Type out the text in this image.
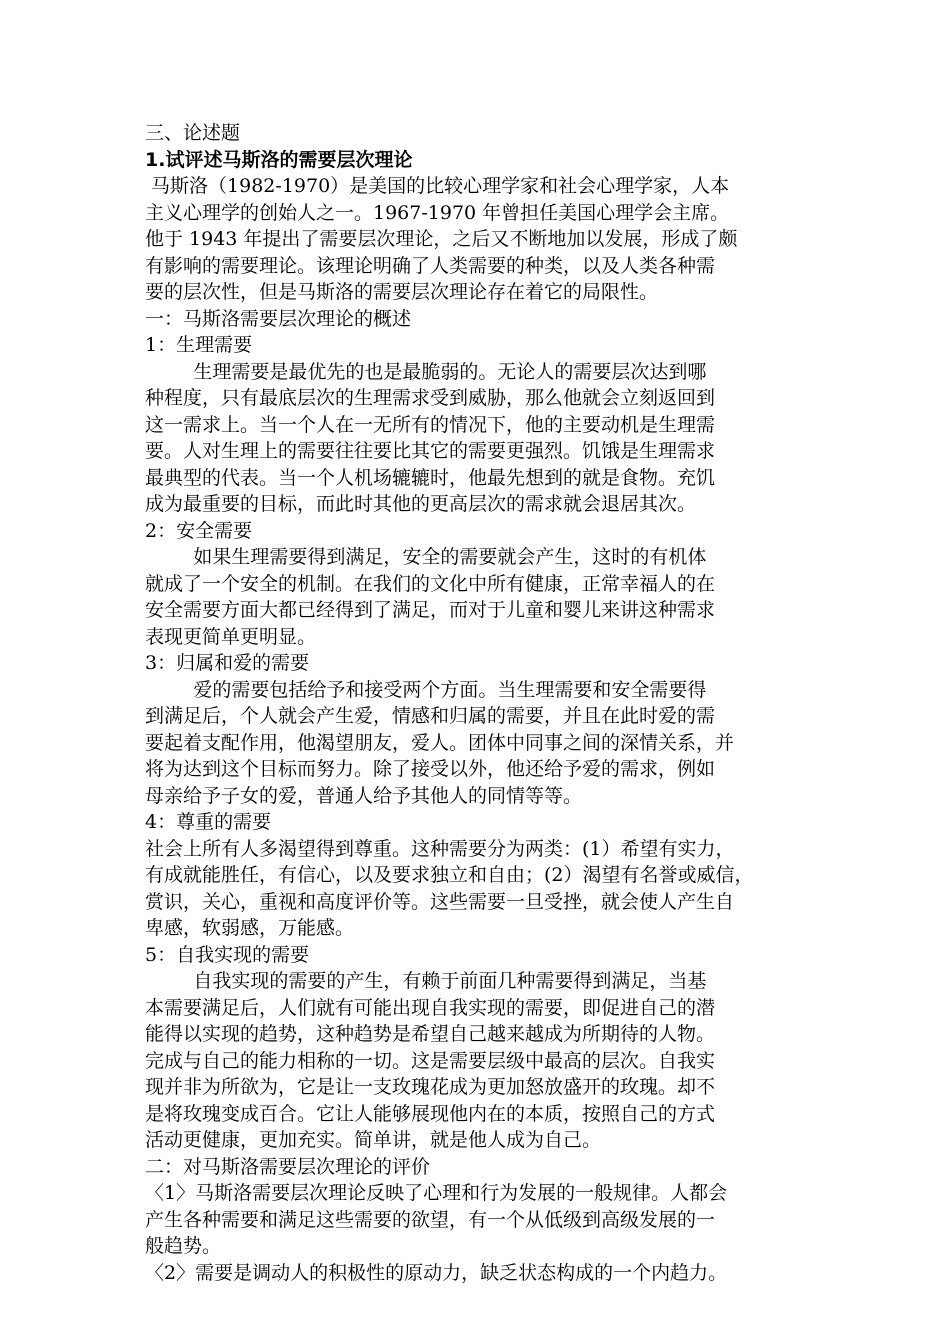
三、论述题
1.试评述马斯洛的需要层次理论
马斯洛（1982-1970）是美国的比较心理学家和社会心理学家，人本
主义心理学的创始人之一。1967-1970 年曾担任美国心理学会主席。
他于 1943 年提出了需要层次理论，之后又不断地加以发展，形成了颇
有影响的需要理论。该理论明确了人类需要的种类，以及人类各种需
要的层次性，但是马斯洛的需要层次理论存在着它的局限性。
一：马斯洛需要层次理论的概述
1：生理需要
生理需要是最优先的也是最脆弱的。无论人的需要层次达到哪
种程度，只有最底层次的生理需求受到威胁，那么他就会立刻返回到
这一需求上。当一个人在一无所有的情况下，他的主要动机是生理需
要。人对生理上的需要往往要比其它的需要更强烈。饥饿是生理需求
最典型的代表。当一个人机场辘辘时，他最先想到的就是食物。充饥
成为最重要的目标，而此时其他的更高层次的需求就会退居其次。
2：安全需要
如果生理需要得到满足，安全的需要就会产生，这时的有机体
就成了一个安全的机制。在我们的文化中所有健康，正常幸福人的在
安全需要方面大都已经得到了满足，而对于儿童和婴儿来讲这种需求
表现更简单更明显。
3：归属和爱的需要
爱的需要包括给予和接受两个方面。当生理需要和安全需要得
到满足后，个人就会产生爱，情感和归属的需要，并且在此时爱的需
要起着支配作用，他渴望朋友，爱人。团体中同事之间的深情关系，并
将为达到这个目标而努力。除了接受以外，他还给予爱的需求，例如
母亲给予子女的爱，普通人给予其他人的同情等等。
4：尊重的需要
社会上所有人多渴望得到尊重。这种需要分为两类：(1）希望有实力，
有成就能胜任，有信心，以及要求独立和自由；(2）渴望有名誉或威信，
赏识，关心，重视和高度评价等。这些需要一旦受挫，就会使人产生自
卑感，软弱感，万能感。
5：自我实现的需要
自我实现的需要的产生，有赖于前面几种需要得到满足，当基
本需要满足后，人们就有可能出现自我实现的需要，即促进自己的潜
能得以实现的趋势，这种趋势是希望自己越来越成为所期待的人物。
完成与自己的能力相称的一切。这是需要层级中最高的层次。自我实
现并非为所欲为，它是让一支玫瑰花成为更加怒放盛开的玫瑰。却不
是将玫瑰变成百合。它让人能够展现他内在的本质，按照自己的方式
活动更健康，更加充实。简单讲，就是他人成为自己。
二：对马斯洛需要层次理论的评价
〈1〉马斯洛需要层次理论反映了心理和行为发展的一般规律。人都会
产生各种需要和满足这些需要的欲望，有一个从低级到高级发展的一
般趋势。
〈2〉需要是调动人的积极性的原动力，缺乏状态构成的一个内趋力。
